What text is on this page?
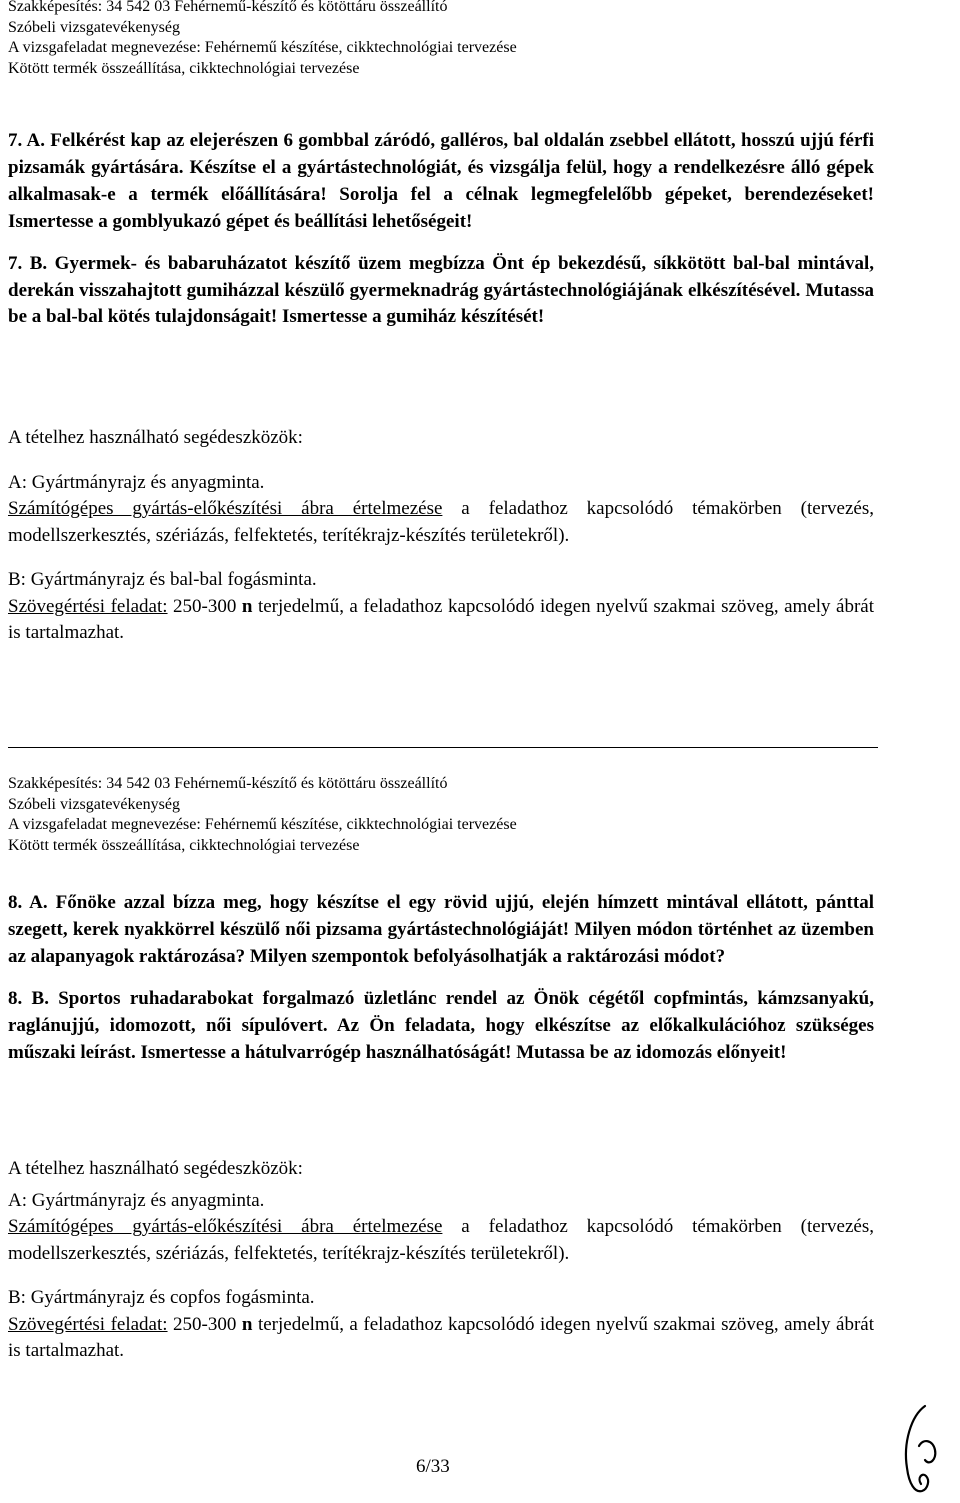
Szakképesítés: 34 542 03 Fehérnemű-készítő és kötöttáru összeállító
Szóbeli vizsgatevékenység
A vizsgafeladat megnevezése: Fehérnemű készítése, cikktechnológiai tervezése
Kötött termék összeállítása, cikktechnológiai tervezése

7. A. Felkérést kap az elejerészen 6 gombbal záródó, galléros, bal oldalán zsebbel ellátott, hosszú ujjú férfi pizsamák gyártására. Készítse el a gyártástechnológiát, és vizsgálja felül, hogy a rendelkezésre álló gépek alkalmasak-e a termék előállítására! Sorolja fel a célnak legmegfelelőbb gépeket, berendezéseket! Ismertesse a gomblyukazó gépet és beállítási lehetőségeit!

7. B. Gyermek- és babaruházatot készítő üzem megbízza Önt ép bekezdésű, síkkötött bal-bal mintával, derekán visszahajtott gumiházzal készülő gyermeknadrág gyártástechnológiájának elkészítésével. Mutassa be a bal-bal kötés tulajdonságait! Ismertesse a gumiház készítését!

A tételhez használható segédeszközök:

A: Gyártmányrajz és anyagminta.

Számítógépes gyártás-előkészítési ábra értelmezése a feladathoz kapcsolódó témakörben (tervezés, modellszerkesztés, szériázás, felfektetés, terítékrajz-készítés területekről).

B: Gyártmányrajz és bal-bal fogásminta.

Szövegértési feladat: 250-300 n terjedelmű, a feladathoz kapcsolódó idegen nyelvű szakmai szöveg, amely ábrát is tartalmazhat.

Szakképesítés: 34 542 03 Fehérnemű-készítő és kötöttáru összeállító
Szóbeli vizsgatevékenység
A vizsgafeladat megnevezése: Fehérnemű készítése, cikktechnológiai tervezése
Kötött termék összeállítása, cikktechnológiai tervezése

8. A. Főnöke azzal bízza meg, hogy készítse el egy rövid ujjú, elején hímzett mintával ellátott, pánttal szegett, kerek nyakkörrel készülő női pizsama gyártástechnológiáját! Milyen módon történhet az üzemben az alapanyagok raktározása? Milyen szempontok befolyásolhatják a raktározási módot?

8. B. Sportos ruhadarabokat forgalmazó üzletlánc rendel az Önök cégétől copfmintás, kámzsanyakú, raglánujjú, idomozott, női sípulóvert. Az Ön feladata, hogy elkészítse az előkalkulációhoz szükséges műszaki leírást. Ismertesse a hátulvarrógép használhatóságát! Mutassa be az idomozás előnyeit!

A tételhez használható segédeszközök:

A: Gyártmányrajz és anyagminta.

Számítógépes gyártás-előkészítési ábra értelmezése a feladathoz kapcsolódó témakörben (tervezés, modellszerkesztés, szériázás, felfektetés, terítékrajz-készítés területekről).

B: Gyártmányrajz és copfos fogásminta.

Szövegértési feladat: 250-300 n terjedelmű, a feladathoz kapcsolódó idegen nyelvű szakmai szöveg, amely ábrát is tartalmazhat.

6/33
